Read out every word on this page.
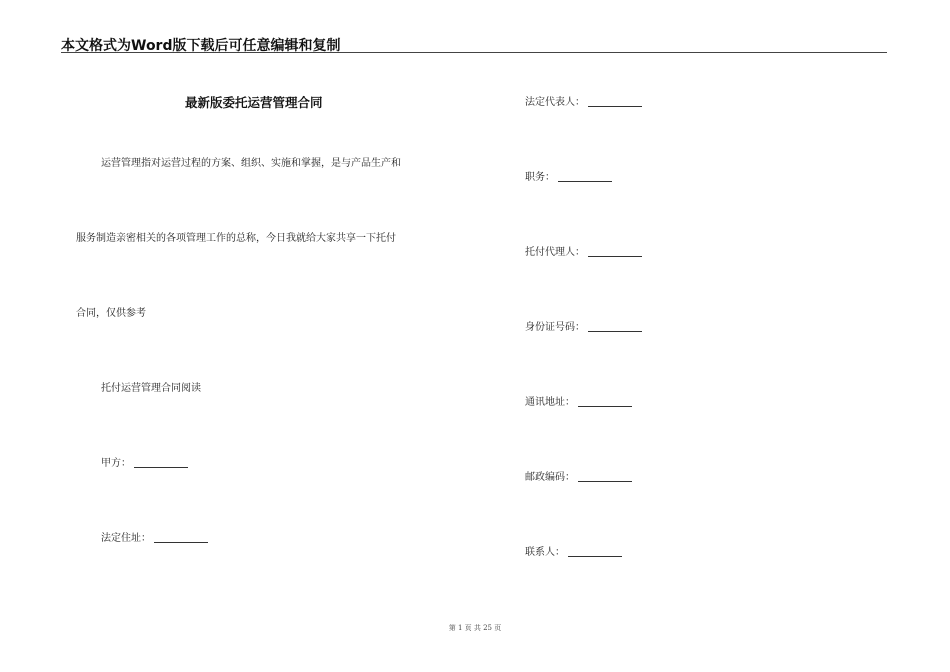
本文格式为Word版下载后可任意编辑和复制
最新版委托运营管理合同
运营管理指对运营过程的方案、组织、实施和掌握，是与产品生产和
服务制造亲密相关的各项管理工作的总称，今日我就给大家共享一下托付
合同，仅供参考
托付运营管理合同阅读
甲方：
法定住址：
法定代表人：
职务：
托付代理人：
身份证号码：
通讯地址：
邮政编码：
联系人：
第 1 页 共 25 页
